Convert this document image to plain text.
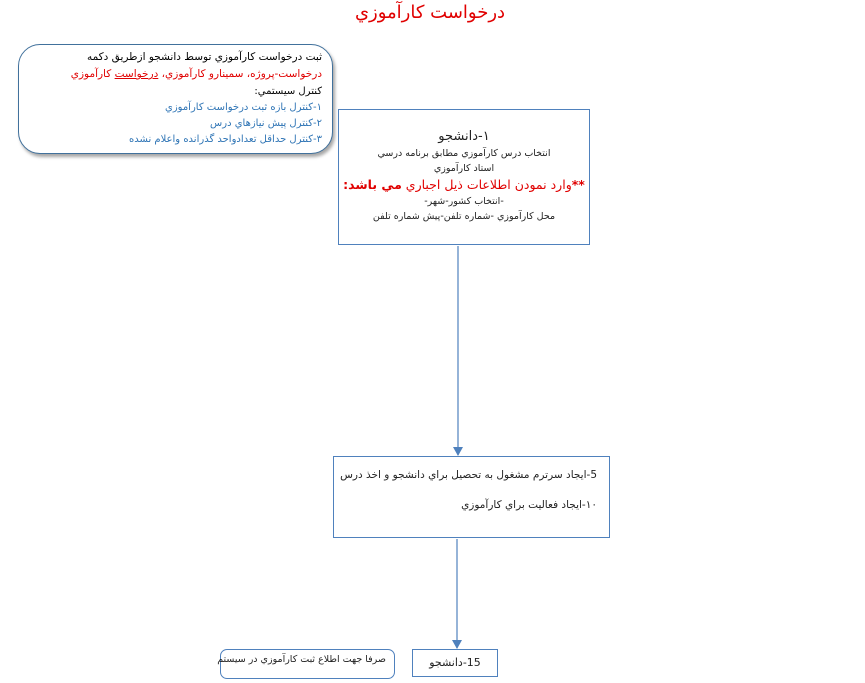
درخواست کارآموزي
ثبت درخواست کارآموزي توسط دانشجو ازطريق دکمه
درخواست-پروژه، سمينارو کارآموزي، درخواست کارآموزي
کنترل سيستمي:
۱-کنترل بازه ثبت درخواست کارآموزي
۲-کنترل پيش نيازهاي درس
۳-کنترل حداقل تعدادواحد گذرانده واعلام نشده	۱-دانشجو
انتخاب درس کارآموزي مطابق برنامه درسي
استاد کارآموزي
**وارد نمودن اطلاعات ذيل اجباري مي باشد:
-انتخاب کشور-شهر-
محل کارآموزي -شماره تلفن-پيش شماره تلفن
5-ايجاد سرترم مشغول به تحصيل براي دانشجو و اخذ درس
۱۰-ايجاد فعاليت براي کارآموزي
15-دانشجو
صرفا جهت اطلاع ثبت کارآموزي در سيستم
